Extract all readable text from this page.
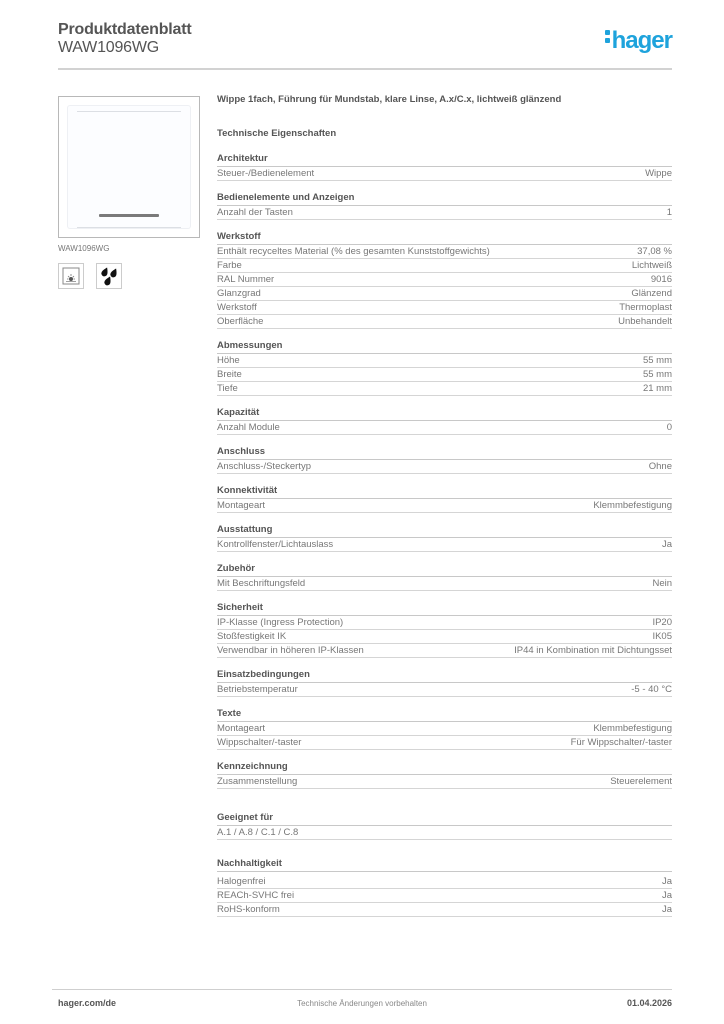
Produktdatenblatt
WAW1096WG	hager
WAW1096WG
Wippe 1fach, Führung für Mundstab, klare Linse, A.x/C.x, lichtweiß glänzend
Technische Eigenschaften
Architektur
Steuer-/Bedienelement	Wippe
Bedienelemente und Anzeigen
Anzahl der Tasten	1
Werkstoff
Enthält recyceltes Material (% des gesamten Kunststoffgewichts)	37,08 %
Farbe	Lichtweiß
RAL Nummer	9016
Glanzgrad	Glänzend
Werkstoff	Thermoplast
Oberfläche	Unbehandelt
Abmessungen
Höhe	55 mm
Breite	55 mm
Tiefe	21 mm
Kapazität
Anzahl Module	0
Anschluss
Anschluss-/Steckertyp	Ohne
Konnektivität
Montageart	Klemmbefestigung
Ausstattung
Kontrollfenster/Lichtauslass	Ja
Zubehör
Mit Beschriftungsfeld	Nein
Sicherheit
IP-Klasse (Ingress Protection)	IP20
Stoßfestigkeit IK	IK05
Verwendbar in höheren IP-Klassen	IP44 in Kombination mit Dichtungsset
Einsatzbedingungen
Betriebstemperatur	-5 - 40 °C
Texte
Montageart	Klemmbefestigung
Wippschalter/-taster	Für Wippschalter/-taster
Kennzeichnung
Zusammenstellung	Steuerelement
Geeignet für
A.1 / A.8 / C.1 / C.8
Nachhaltigkeit
Halogenfrei	Ja
REACh-SVHC frei	Ja
RoHS-konform	Ja
hager.com/de	Technische Änderungen vorbehalten	01.04.2026
